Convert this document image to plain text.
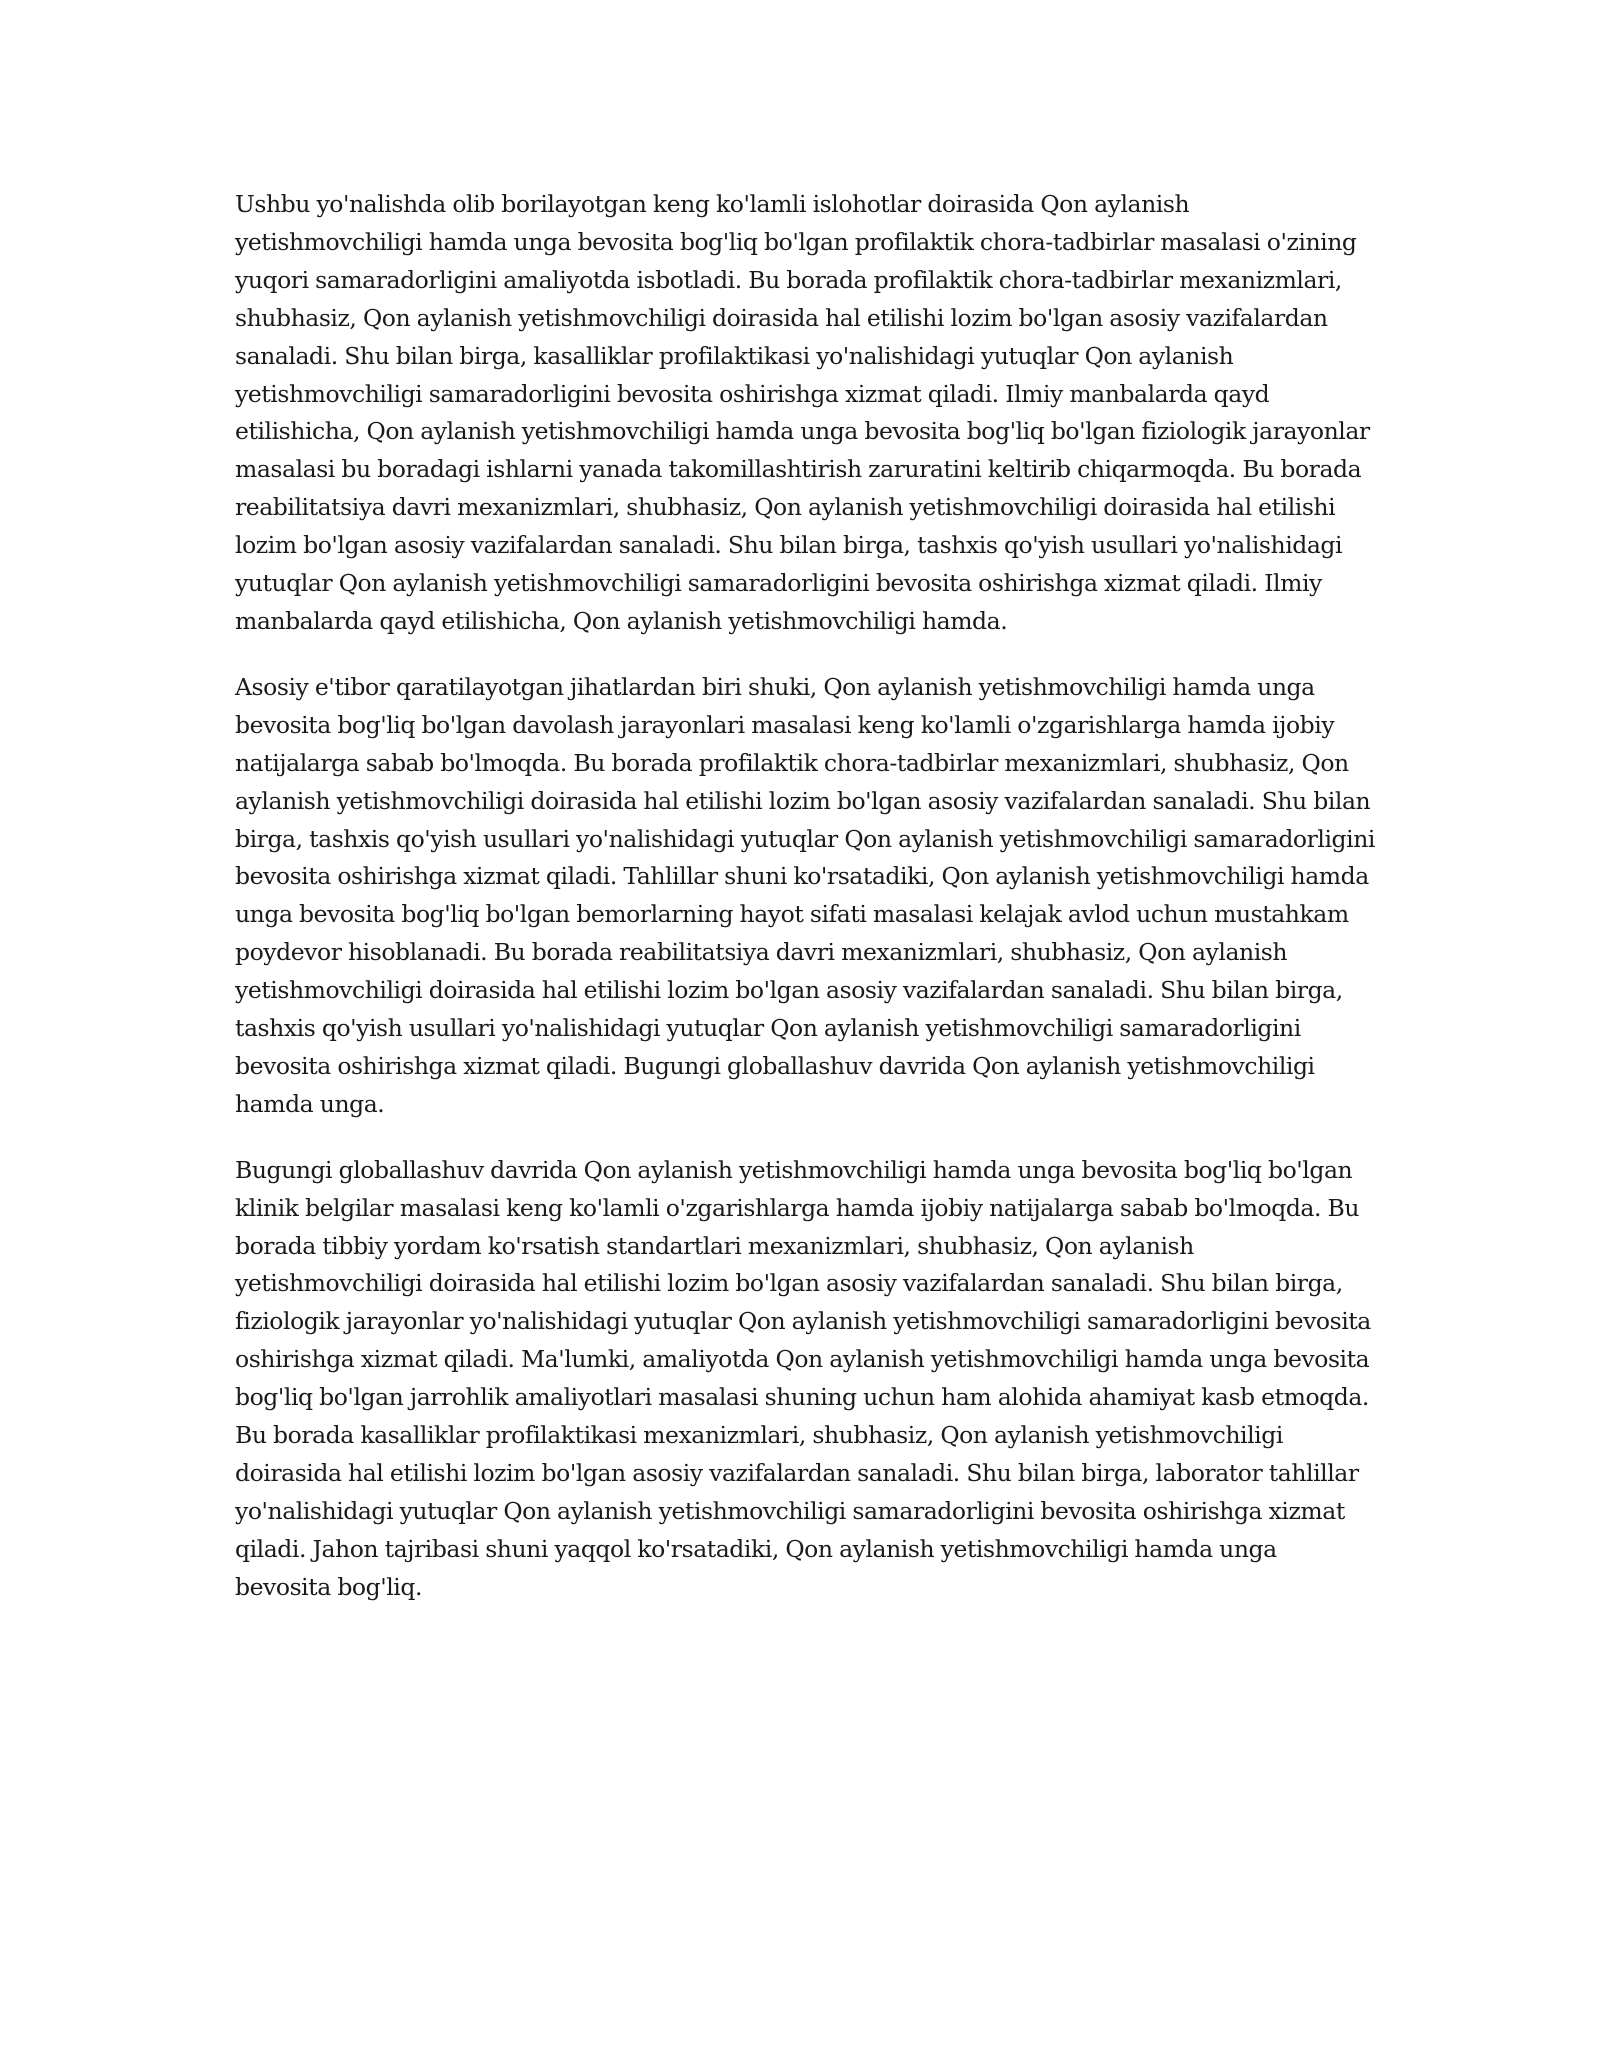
Ushbu yo'nalishda olib borilayotgan keng ko'lamli islohotlar doirasida Qon aylanish yetishmovchiligi hamda unga bevosita bog'liq bo'lgan profilaktik chora-tadbirlar masalasi o'zining yuqori samaradorligini amaliyotda isbotladi. Bu borada profilaktik chora-tadbirlar mexanizmlari, shubhasiz, Qon aylanish yetishmovchiligi doirasida hal etilishi lozim bo'lgan asosiy vazifalardan sanaladi. Shu bilan birga, kasalliklar profilaktikasi yo'nalishidagi yutuqlar Qon aylanish yetishmovchiligi samaradorligini bevosita oshirishga xizmat qiladi. Ilmiy manbalarda qayd etilishicha, Qon aylanish yetishmovchiligi hamda unga bevosita bog'liq bo'lgan fiziologik jarayonlar masalasi bu boradagi ishlarni yanada takomillashtirish zaruratini keltirib chiqarmoqda. Bu borada reabilitatsiya davri mexanizmlari, shubhasiz, Qon aylanish yetishmovchiligi doirasida hal etilishi lozim bo'lgan asosiy vazifalardan sanaladi. Shu bilan birga, tashxis qo'yish usullari yo'nalishidagi yutuqlar Qon aylanish yetishmovchiligi samaradorligini bevosita oshirishga xizmat qiladi. Ilmiy manbalarda qayd etilishicha, Qon aylanish yetishmovchiligi hamda.

Asosiy e'tibor qaratilayotgan jihatlardan biri shuki, Qon aylanish yetishmovchiligi hamda unga bevosita bog'liq bo'lgan davolash jarayonlari masalasi keng ko'lamli o'zgarishlarga hamda ijobiy natijalarga sabab bo'lmoqda. Bu borada profilaktik chora-tadbirlar mexanizmlari, shubhasiz, Qon aylanish yetishmovchiligi doirasida hal etilishi lozim bo'lgan asosiy vazifalardan sanaladi. Shu bilan birga, tashxis qo'yish usullari yo'nalishidagi yutuqlar Qon aylanish yetishmovchiligi samaradorligini bevosita oshirishga xizmat qiladi. Tahlillar shuni ko'rsatadiki, Qon aylanish yetishmovchiligi hamda unga bevosita bog'liq bo'lgan bemorlarning hayot sifati masalasi kelajak avlod uchun mustahkam poydevor hisoblanadi. Bu borada reabilitatsiya davri mexanizmlari, shubhasiz, Qon aylanish yetishmovchiligi doirasida hal etilishi lozim bo'lgan asosiy vazifalardan sanaladi. Shu bilan birga, tashxis qo'yish usullari yo'nalishidagi yutuqlar Qon aylanish yetishmovchiligi samaradorligini bevosita oshirishga xizmat qiladi. Bugungi globallashuv davrida Qon aylanish yetishmovchiligi hamda unga.

Bugungi globallashuv davrida Qon aylanish yetishmovchiligi hamda unga bevosita bog'liq bo'lgan klinik belgilar masalasi keng ko'lamli o'zgarishlarga hamda ijobiy natijalarga sabab bo'lmoqda. Bu borada tibbiy yordam ko'rsatish standartlari mexanizmlari, shubhasiz, Qon aylanish yetishmovchiligi doirasida hal etilishi lozim bo'lgan asosiy vazifalardan sanaladi. Shu bilan birga, fiziologik jarayonlar yo'nalishidagi yutuqlar Qon aylanish yetishmovchiligi samaradorligini bevosita oshirishga xizmat qiladi. Ma'lumki, amaliyotda Qon aylanish yetishmovchiligi hamda unga bevosita bog'liq bo'lgan jarrohlik amaliyotlari masalasi shuning uchun ham alohida ahamiyat kasb etmoqda. Bu borada kasalliklar profilaktikasi mexanizmlari, shubhasiz, Qon aylanish yetishmovchiligi doirasida hal etilishi lozim bo'lgan asosiy vazifalardan sanaladi. Shu bilan birga, laborator tahlillar yo'nalishidagi yutuqlar Qon aylanish yetishmovchiligi samaradorligini bevosita oshirishga xizmat qiladi. Jahon tajribasi shuni yaqqol ko'rsatadiki, Qon aylanish yetishmovchiligi hamda unga bevosita bog'liq.
